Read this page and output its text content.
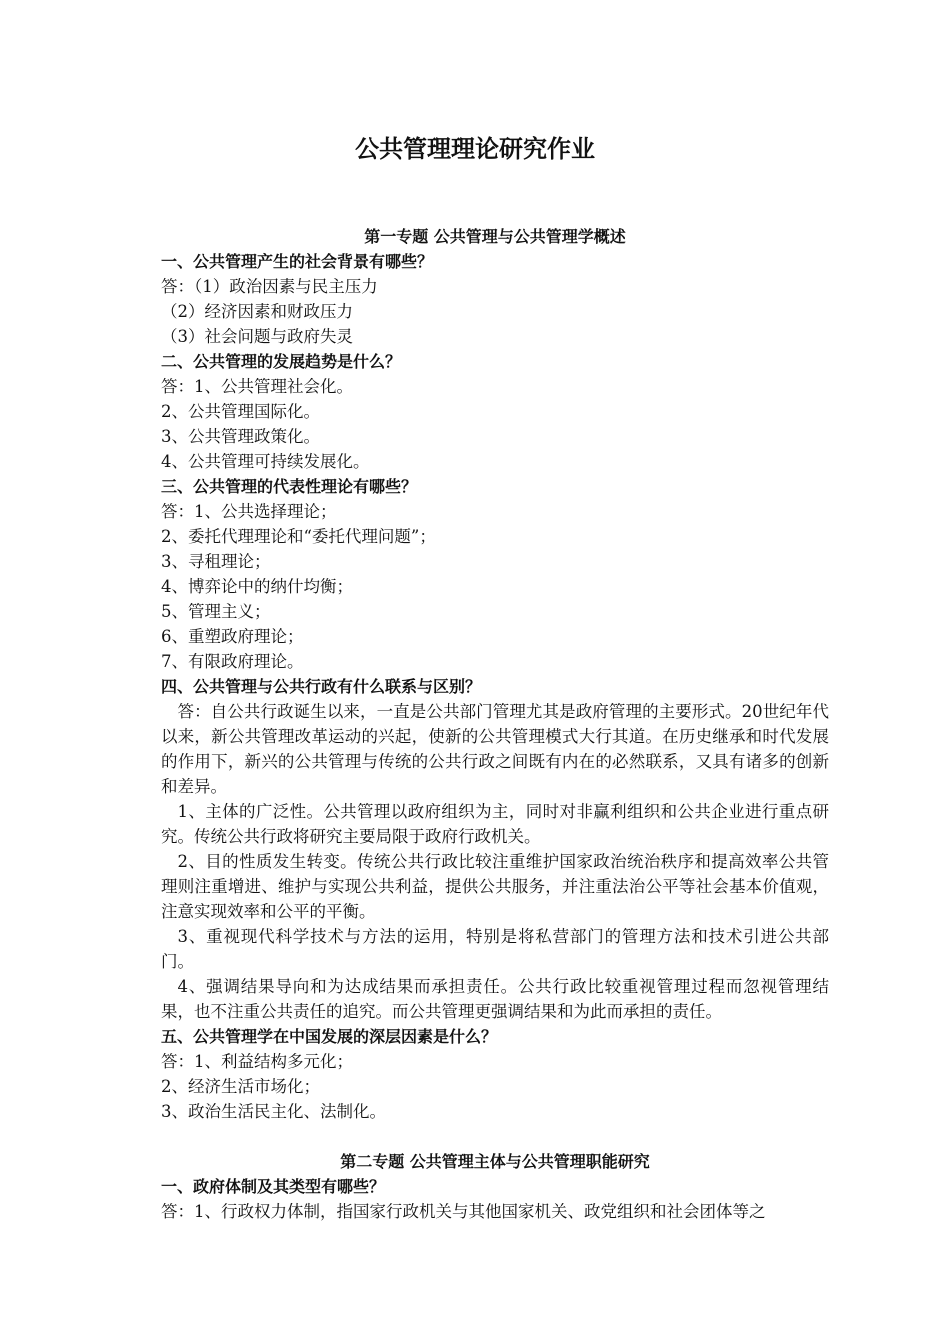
公共管理理论研究作业
第一专题 公共管理与公共管理学概述
一、公共管理产生的社会背景有哪些？
答：（1）政治因素与民主压力
（2）经济因素和财政压力
（3）社会问题与政府失灵
二、公共管理的发展趋势是什么？
答：1、公共管理社会化。
2、公共管理国际化。
3、公共管理政策化。
4、公共管理可持续发展化。
三、公共管理的代表性理论有哪些？
答：1、公共选择理论；
2、委托代理理论和“委托代理问题”；
3、寻租理论；
4、博弈论中的纳什均衡；
5、管理主义；
6、重塑政府理论；
7、有限政府理论。
四、公共管理与公共行政有什么联系与区别？
答：自公共行政诞生以来，一直是公共部门管理尤其是政府管理的主要形式。20世纪年代以来，新公共管理改革运动的兴起，使新的公共管理模式大行其道。在历史继承和时代发展的作用下，新兴的公共管理与传统的公共行政之间既有内在的必然联系，又具有诸多的创新和差异。
1、主体的广泛性。公共管理以政府组织为主，同时对非赢利组织和公共企业进行重点研究。传统公共行政将研究主要局限于政府行政机关。
2、目的性质发生转变。传统公共行政比较注重维护国家政治统治秩序和提高效率公共管理则注重增进、维护与实现公共利益，提供公共服务，并注重法治公平等社会基本价值观，注意实现效率和公平的平衡。
3、重视现代科学技术与方法的运用，特别是将私营部门的管理方法和技术引进公共部门。
4、强调结果导向和为达成结果而承担责任。公共行政比较重视管理过程而忽视管理结果，也不注重公共责任的追究。而公共管理更强调结果和为此而承担的责任。
五、公共管理学在中国发展的深层因素是什么？
答：1、利益结构多元化；
2、经济生活市场化；
3、政治生活民主化、法制化。
第二专题 公共管理主体与公共管理职能研究
一、政府体制及其类型有哪些？
答：1、行政权力体制，指国家行政机关与其他国家机关、政党组织和社会团体等之
